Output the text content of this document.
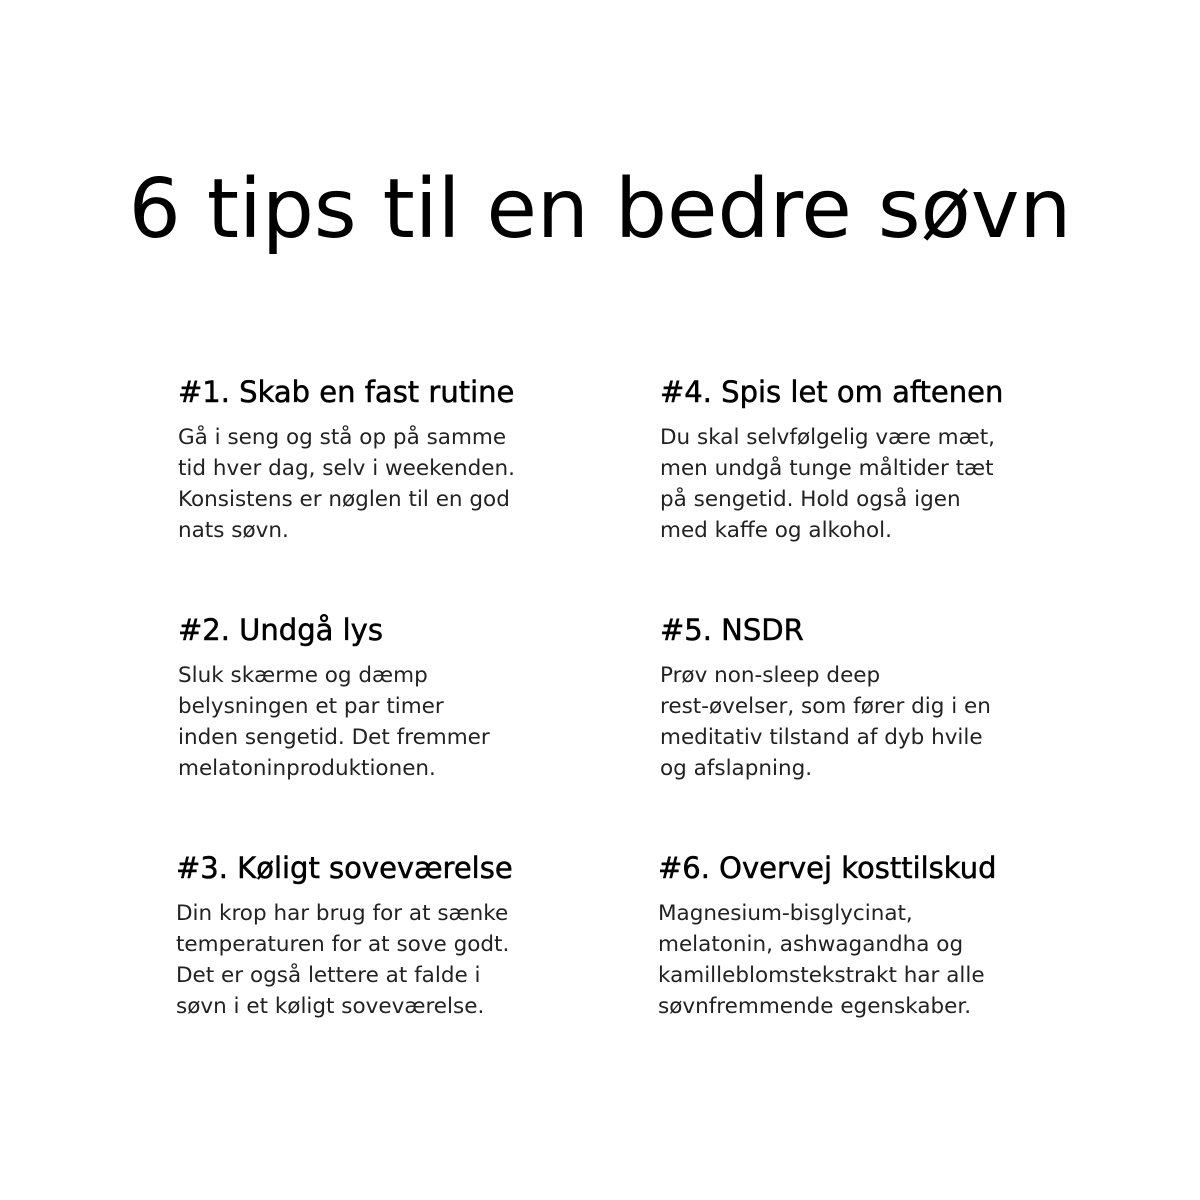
6 tips til en bedre søvn
#1. Skab en fast rutine

Gå i seng og stå op på samme
tid hver dag, selv i weekenden.
Konsistens er nøglen til en god
nats søvn.

#2. Undgå lys

Sluk skærme og dæmp
belysningen et par timer
inden sengetid. Det fremmer
melatoninproduktionen.

#3. Køligt soveværelse

Din krop har brug for at sænke
temperaturen for at sove godt.
Det er også lettere at falde i
søvn i et køligt soveværelse.

#4. Spis let om aftenen

Du skal selvfølgelig være mæt,
men undgå tunge måltider tæt
på sengetid. Hold også igen
med kaffe og alkohol.

#5. NSDR

Prøv non-sleep deep
rest-øvelser, som fører dig i en
meditativ tilstand af dyb hvile
og afslapning.

#6. Overvej kosttilskud

Magnesium-bisglycinat,
melatonin, ashwagandha og
kamilleblomstekstrakt har alle
søvnfremmende egenskaber.
